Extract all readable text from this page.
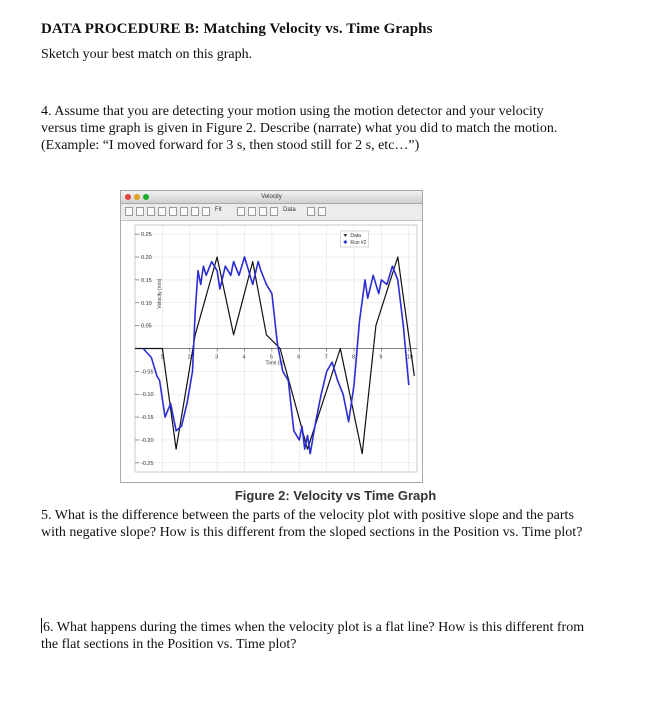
DATA PROCEDURE B: Matching Velocity vs. Time Graphs
Sketch your best match on this graph.
4. Assume that you are detecting your motion using the motion detector and your velocity
versus time graph is given in Figure 2. Describe (narrate) what you did to match the motion.
(Example: “I moved forward for 3 s, then stood still for 2 s, etc…”)
Velocity
Fit	Data
0.25
0.20
0.15
0.10
0.05
-0.05
-0.10
-0.15
-0.20
-0.25
1	2	3	4	5	6	7	8	9	10
Time (s)
Velocity (m/s)
Data
Run #2
Figure 2: Velocity vs Time Graph
5. What is the difference between the parts of the velocity plot with positive slope and the parts
with negative slope? How is this different from the sloped sections in the Position vs. Time plot?
6. What happens during the times when the velocity plot is a flat line? How is this different from
the flat sections in the Position vs. Time plot?
